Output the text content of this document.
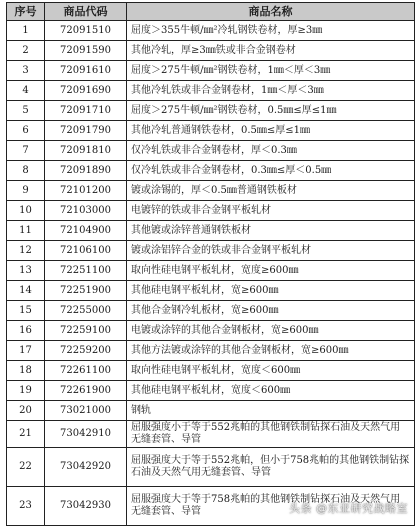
序号	商品代码	商品名称
1	72091510	屈度＞355牛顿/㎜²冷轧钢铁卷材，厚≥3㎜
2	72091590	其他冷轧，厚≥3㎜铁或非合金钢卷材
3	72091610	屈度＞275牛顿/㎜²钢铁卷材，1㎜＜厚＜3㎜
4	72091690	其他冷轧铁或非合金钢卷材，1㎜＜厚＜3㎜
5	72091710	屈度＞275牛顿/㎜²钢铁卷材，0.5㎜≤厚≤1㎜
6	72091790	其他冷轧普通钢铁卷材，0.5㎜≤厚≤1㎜
7	72091810	仅冷轧铁或非合金钢卷材，厚＜0.3㎜
8	72091890	仅冷轧铁或非合金钢卷材，0.3㎜≤厚＜0.5㎜
9	72101200	镀或涂锡的，厚＜0.5㎜普通钢铁板材
10	72103000	电镀锌的铁或非合金钢平板轧材
11	72104900	其他镀或涂锌普通钢铁板材
12	72106100	镀或涂铝锌合金的铁或非合金钢平板轧材
13	72251100	取向性硅电钢平板轧材，宽度≥600㎜
14	72251900	其他硅电钢平板轧材，宽≥600㎜
15	72255000	其他合金钢冷轧板材，宽≥600㎜
16	72259100	电镀或涂锌的其他合金钢板材，宽≥600㎜
17	72259200	其他方法镀或涂锌的其他合金钢板材，宽≥600㎜
18	72261100	取向性硅电钢平板轧材，宽度＜600㎜
19	72261900	其他硅电钢平板轧材，宽度＜600㎜
20	73021000	钢轨
21	73042910	屈服强度小于等于552兆帕的其他钢铁制钻探石油及天然气用无缝套管、导管
22	73042920	屈服强度大于等于552兆帕，但小于758兆帕的其他钢铁制钻探石油及天然气用无缝套管、导管
23	73042930	屈服强度大于等于758兆帕的其他钢铁制钻探石油及天然气用无缝套管、导管	头条 @东亚研究战略室
